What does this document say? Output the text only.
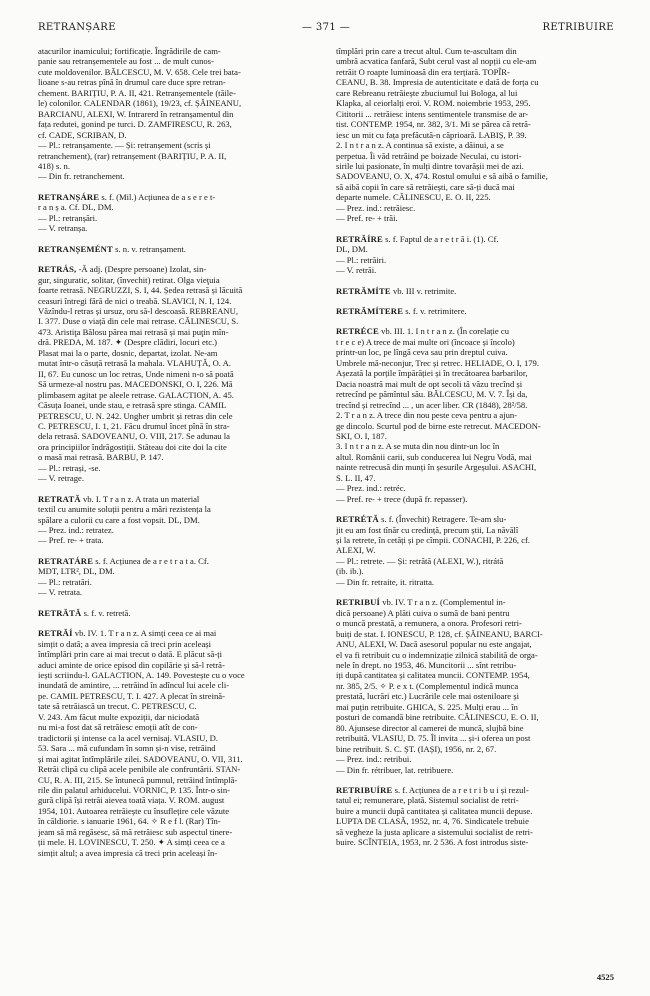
RETRANȘARE	— 371 —	RETRIBUIRE
atacurilor inamicului; fortificație. Îngrădirile de cam-
panie sau retranșementele au fost ... de mult cunos-
cute moldovenilor. BĂLCESCU, M. V. 658. Cele trei bata-
lioane s-au retras pînă în drumul care duce spre retran-
chement. BARIȚIU, P. A. II, 421. Retranșementele (tăile-
le) colonilor. CALENDAR (1861), 19/23, cf. ȘĂINEANU,
BARCIANU, ALEXI, W. Intrarerd în retranșamentul din
fața redutei, gonind pe turci. D. ZAMFIRESCU, R. 263,
cf. CADE, SCRIBAN, D.
— Pl.: retranșamente. — Și: retranșement (scris și
retranchement), (rar) retranșement (BARIȚIU, P. A. II,
418) s. n.
— Din fr. retranchement.
RETRANȘÁRE s. f. (Mil.) Acțiunea de a s e r e t-
r a n ș a. Cf. DL, DM.
— Pl.: retranșări.
— V. retranșa.
RETRANȘEMÉNT s. n. v. retranșament.
RETRÁS, -Ă adj. (Despre persoane) Izolat, sin-
gur, singuratic, solitar, (învechit) retirat. Olga vieţuia
foarte retrasă. NEGRUZZI, S. I, 44. Ședea retrasă și lăcuită
ceasuri întregi fără de nici o treabă. SLAVICI, N. I, 124.
Văzîndu-l retras și ursuz, oru să-l descoasă. REBREANU,
I. 377. Duse o viață din cele mai retrase. CĂLINESCU, S.
473. Aristiţa Bălosu părea mai retrasă și mai puţin mîn-
dră. PREDA, M. 187. ✦ (Despre clădiri, locuri etc.)
Plasat mai la o parte, dosnic, departat, izolat. Ne-am
mutat într-o căsuță retrasă la mahala. VLAHUȚĂ, O. A.
II, 67. Eu cunosc un loc retras, Unde nimeni n-o să poată
Să urmeze-al nostru pas. MACEDONSKI, O. I, 226. Mă
plimbasem agitat pe aleele retrase. GALACTION, A. 45.
Căsuța Ioanei, unde stau, e retrasă spre stinga. CAMIL
PETRESCU, U. N. 242. Ungher umbrit și retras din cele
C. PETRESCU, I. 1, 21. Făcu drumul încet pînă în stra-
dela retrasă. SADOVEANU, O. VIII, 217. Se adunau la
ora principiilor îndrăgostiții. Stăteau doi cite doi la cite
o masă mai retrasă. BARBU, P. 147.
— Pl.: retrași, -se.
— V. retrage.
RETRATĂ vb. I. T r a n z. A trata un material
textil cu anumite soluții pentru a mări rezistența la
spălare a culorii cu care a fost vopsit. DL, DM.
— Prez. ind.: retratez.
— Pref. re- + trata.
RETRATÁRE s. f. Acțiunea de a r e t r a t a. Cf.
MDT, LTR², DL, DM.
— Pl.: retratări.
— V. retrata.
RETRĂTĂ s. f. v. retretă.
RETRĂÍ vb. IV. 1. T r a n z. A simți ceea ce ai mai
simțit o dată; a avea impresia că treci prin aceleași
întîmplări prin care ai mai trecut o dată. E plăcut să-ți
aduci aminte de orice episod din copilărie și să-l retră-
iești scriindu-l. GALACTION, A. 149. Povestește cu o voce
inundată de amintire, ... retrăind în adîncul lui acele cli-
pe. CAMIL PETRESCU, T. I. 427. A plecat în streină-
tate să retrăiască un trecut. C. PETRESCU, C.
V. 243. Am făcut multe expoziții, dar niciodată
nu mi-a fost dat să retrăiesc emoții atît de con-
tradictorii și intense ca la acel vernisaj. VLASIU, D.
53. Sara ... mă cufundam în somn și-n vise, retrăind
și mai agitat întîmplările zilei. SADOVEANU, O. VII, 311.
Retrăi clipă cu clipă acele penibile ale confruntării. STAN-
CU, R. A. III, 215. Se întunecă pumnul, retrăind întîmplă-
rile din palatul arhiducelui. VORNIC, P. 135. Într-o sin-
gură clipă își retrăi aievea toată viața. V. ROM. august
1954, 101. Autoarea retrăiește cu însuflețire cele văzute
în căldiorie. s ianuarie 1961, 64. ✧ R e f l. (Rar) Tîn-
jeam să mă regăsesc, să mă retrăiesc sub aspectul tinere-
ții mele. H. LOVINESCU, T. 250. ✦ A simți ceea ce a
simțit altul; a avea impresia că treci prin aceleași în-
tîmplări prin care a trecut altul. Cum te-ascultam din
umbră acvatica fanfară, Subt cerul vast al nopții cu ele-am
retrăit O roapte luminoasă din era terțiară. TOPÎR-
CEANU, B. 38. Impresia de autenticitate e dată de forța cu
care Rebreanu retrăiește zbuciumul lui Bologa, al lui
Klapka, al ceiorlalți eroi. V. ROM. noiembrie 1953, 295.
Cititorii ... retrăiesc intens sentimentele transmise de ar-
tist. CONTEMP. 1954, nr. 382, 3/1. Mi se părea că retră-
iesc un mit cu fața prefăcută-n căprioară. LABIȘ, P. 39.
2. I n t r a n z. A continua să existe, a dăinui, a se
perpetua. Îi văd retrăind pe boizade Neculai, cu istori-
sirile lui pasionate, în mulți dintre tovarășii mei de azi.
SADOVEANU, O. X, 474. Rostul omului e să aibă o familie,
să aibă copii în care să retrăiești, care să-ți ducă mai
departe numele. CĂLINESCU, E. O. II, 225.
— Prez. ind.: retrăiesc.
— Pref. re- + trăi.
RETRĂÍRE s. f. Faptul de a r e t r ă i. (1). Cf.
DL, DM.
— Pl.: retrăiri.
— V. retrăi.
RETRĂMÍTE vb. III v. retrimite.
RETRĂMÍTERE s. f. v. retrimitere.
RETRÉCE vb. III. 1. I n t r a n z. (În corelație cu
t r e c e) A trece de mai multe ori (încoace și încolo)
printr-un loc, pe lîngă ceva sau prin dreptul cuiva.
Umbrele mă-neconjur, Trec și retrec. HELIADE, O. I, 179.
Așezată la porțile împărăției și în trecătoarea barbarilor,
Dacia noastră mai mult de opt secoli tă văzu trecînd și
retrecînd pe pămîntul său. BĂLCESCU, M. V. 7. Își da,
trecînd și retrecînd ... , un acer liber. CR (1848), 28²/58.
2. T r a n z. A trece din nou peste ceva pentru a ajun-
ge dincolo. Scurtul pod de birne este retrecut. MACEDON-
SKI, O. I, 187.
3. I n t r a n z. A se muta din nou dintr-un loc în
altul. Românii carii, sub conducerea lui Negru Vodă, mai
nainte retrecusă din munți în șesurile Argeșului. ASACHI,
S. L. II, 47.
— Prez. ind.: retréc.
— Pref. re- + trece (după fr. repasser).
RETRÉTĂ s. f. (Învechit) Retragere. Te-am slu-
jit eu am fost tînăr cu credință, precum știi, La năvălî
și la retrete, în cetăți și pe cîmpii. CONACHI, P. 226, cf.
ALEXI, W.
— Pl.: retrete. — Și: retrătă (ALEXI, W.), ritrátă
(ib. ib.).
— Din fr. retraite, it. ritratta.
RETRIBUÍ vb. IV. T r a n z. (Complementul in-
dică persoane) A plăti cuiva o sumă de bani pentru
o muncă prestată, a remunera, a onora. Profesori retri-
buiți de stat. I. IONESCU, P. 128, cf. ȘĂINEANU, BARCI-
ANU, ALEXI, W. Dacă asesorul popular nu este angajat,
el va fi retribuit cu o indemnizație zilnică stabilită de orga-
nele în drept. no 1953, 46. Muncitorii ... sînt retribu-
iți după cantitatea și calitatea muncii. CONTEMP. 1954,
nr. 385, 2/5. ✧ P. e x t. (Complementul indică munca
prestată, lucrări etc.) Lucrările cele mai osteniloare și
mai puțin retribuite. GHICA, S. 225. Mulți erau ... în
posturi de comandă bine retribuite. CĂLINESCU, E. O. II,
80. Ajunsese director al camerei de muncă, slujbă bine
retribuită. VLASIU, D. 75. Îl invita ... și-i oferea un post
bine retribuit. S. C. ȘT. (IAȘI), 1956, nr. 2, 67.
— Prez. ind.: retribui.
— Din fr. rétribuer, lat. retribuere.
RETRIBUÍRE s. f. Acțiunea de a r e t r i b u i și rezul-
tatul ei; remunerare, plată. Sistemul socialist de retri-
buire a muncii după cantitatea și calitatea muncii depuse.
LUPTA DE CLASĂ, 1952, nr. 4, 76. Sindicatele trebuie
să vegheze la justa aplicare a sistemului socialist de retri-
buire. SCÎNTEIA, 1953, nr. 2 536. A fost introdus siste-
4525
